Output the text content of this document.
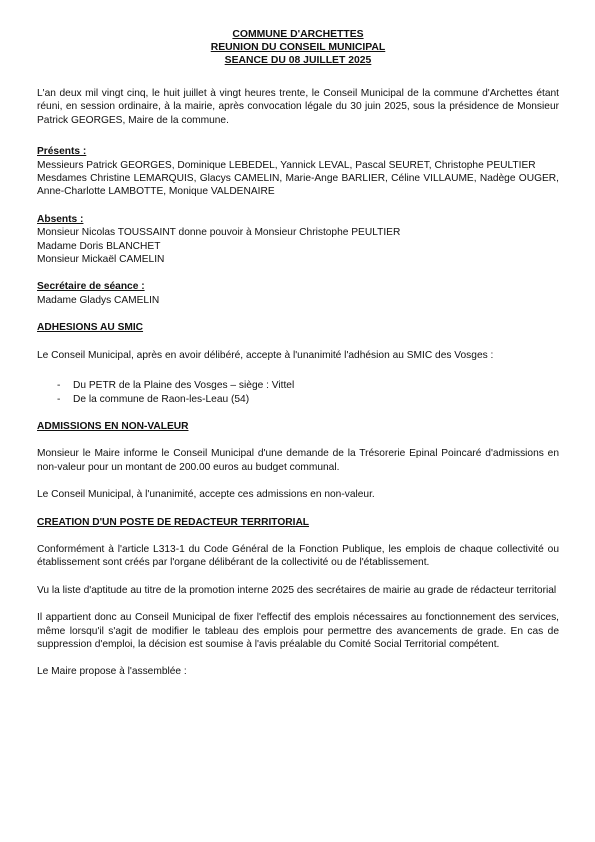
COMMUNE D'ARCHETTES
REUNION DU CONSEIL MUNICIPAL
SEANCE DU 08 JUILLET 2025

L'an deux mil vingt cinq, le huit juillet à vingt heures trente, le Conseil Municipal de la commune d'Archettes étant réuni, en session ordinaire, à la mairie, après convocation légale du 30 juin 2025, sous la présidence de Monsieur Patrick GEORGES, Maire de la commune.

Présents :

Messieurs Patrick GEORGES, Dominique LEBEDEL, Yannick LEVAL, Pascal SEURET, Christophe PEULTIER

Mesdames Christine LEMARQUIS, Glacys CAMELIN, Marie-Ange BARLIER, Céline VILLAUME, Nadège OUGER, Anne-Charlotte LAMBOTTE, Monique VALDENAIRE

Absents :
Monsieur Nicolas TOUSSAINT donne pouvoir à Monsieur Christophe PEULTIER
Madame Doris BLANCHET
Monsieur Mickaël CAMELIN
Secrétaire de séance :
Madame Gladys CAMELIN
ADHESIONS AU SMIC

Le Conseil Municipal, après en avoir délibéré, accepte à l'unanimité l'adhésion au SMIC des Vosges :

- Du PETR de la Plaine des Vosges – siège : Vittel
- De la commune de Raon-les-Leau (54)
ADMISSIONS EN NON-VALEUR

Monsieur le Maire informe le Conseil Municipal d'une demande de la Trésorerie Epinal Poincaré d'admissions en non-valeur pour un montant de 200.00 euros au budget communal.

Le Conseil Municipal, à l'unanimité, accepte ces admissions en non-valeur.

CREATION D'UN POSTE DE REDACTEUR TERRITORIAL

Conformément à l'article L313-1 du Code Général de la Fonction Publique, les emplois de chaque collectivité ou établissement sont créés par l'organe délibérant de la collectivité ou de l'établissement.

Vu la liste d'aptitude au titre de la promotion interne 2025 des secrétaires de mairie au grade de rédacteur territorial

Il appartient donc au Conseil Municipal de fixer l'effectif des emplois nécessaires au fonctionnement des services, même lorsqu'il s'agit de modifier le tableau des emplois pour permettre des avancements de grade. En cas de suppression d'emploi, la décision est soumise à l'avis préalable du Comité Social Territorial compétent.

Le Maire propose à l'assemblée :
